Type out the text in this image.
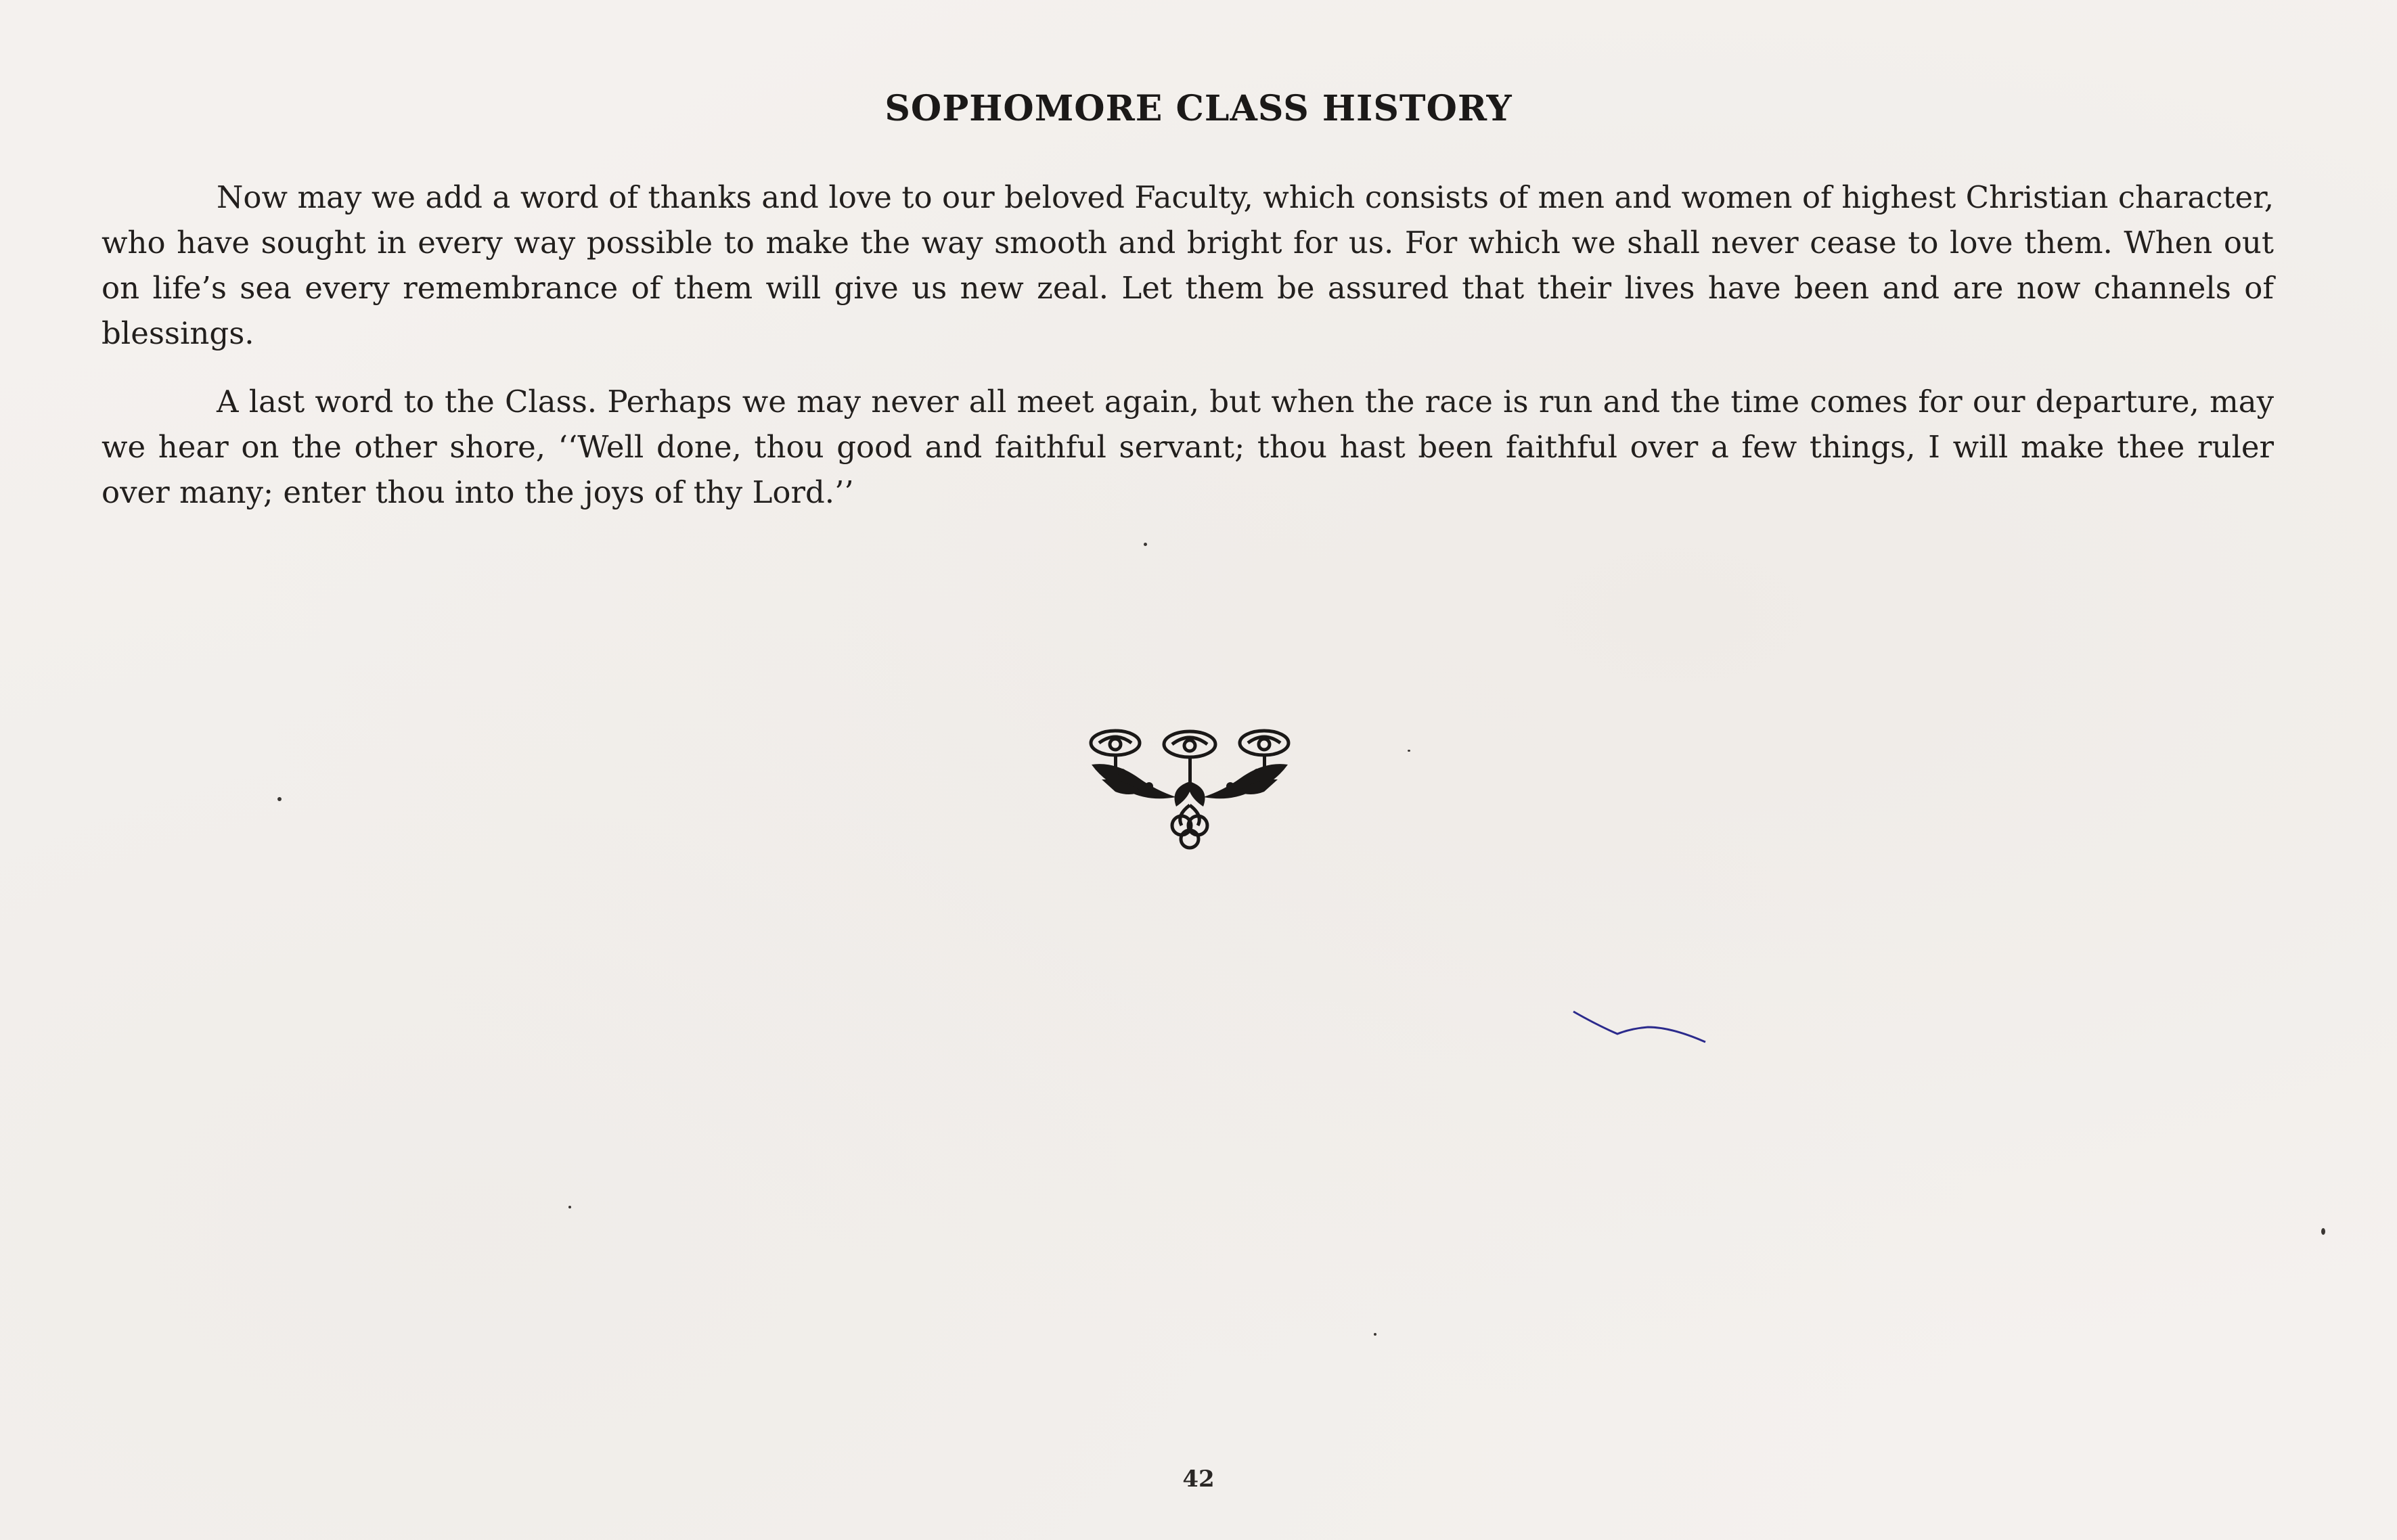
SOPHOMORE CLASS HISTORY

Now may we add a word of thanks and love to our beloved Faculty, which consists of men and women of highest Christian character, who have sought in every way possible to make the way smooth and bright for us. For which we shall never cease to love them. When out on life’s sea every remembrance of them will give us new zeal. Let them be assured that their lives have been and are now channels of blessings.

A last word to the Class. Perhaps we may never all meet again, but when the race is run and the time comes for our departure, may we hear on the other shore, ‘‘Well done, thou good and faithful servant; thou hast been faithful over a few things, I will make thee ruler over many; enter thou into the joys of thy Lord.’’

42
